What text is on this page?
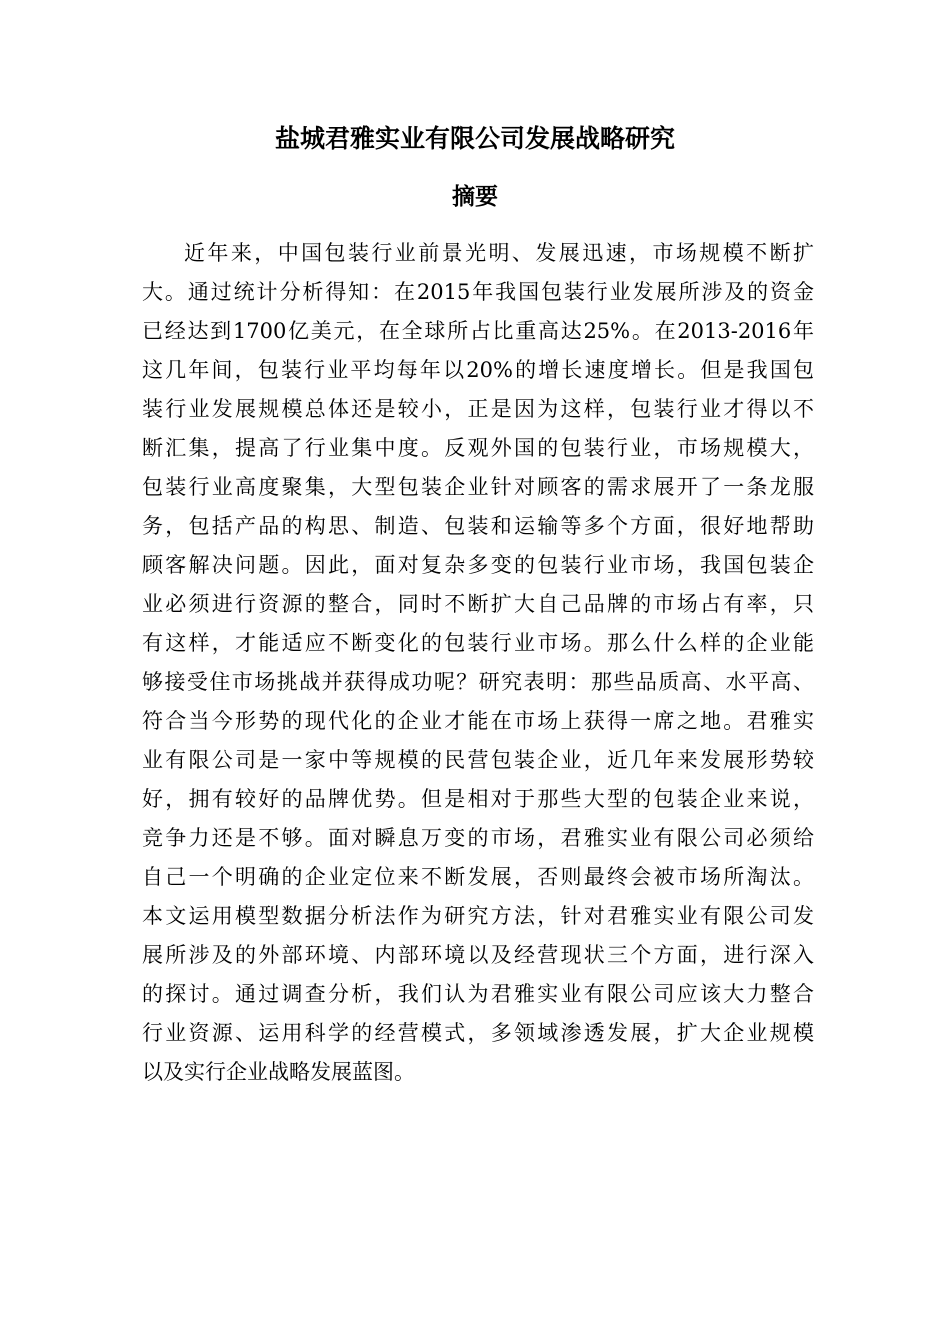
盐城君雅实业有限公司发展战略研究
摘要
近年来，中国包装行业前景光明、发展迅速，市场规模不断扩
大。通过统计分析得知：在2015年我国包装行业发展所涉及的资金
已经达到1700亿美元，在全球所占比重高达25%。在2013-2016年
这几年间，包装行业平均每年以20%的增长速度增长。但是我国包
装行业发展规模总体还是较小，正是因为这样，包装行业才得以不
断汇集，提高了行业集中度。反观外国的包装行业，市场规模大，
包装行业高度聚集，大型包装企业针对顾客的需求展开了一条龙服
务，包括产品的构思、制造、包装和运输等多个方面，很好地帮助
顾客解决问题。因此，面对复杂多变的包装行业市场，我国包装企
业必须进行资源的整合，同时不断扩大自己品牌的市场占有率，只
有这样，才能适应不断变化的包装行业市场。那么什么样的企业能
够接受住市场挑战并获得成功呢？研究表明：那些品质高、水平高、
符合当今形势的现代化的企业才能在市场上获得一席之地。君雅实
业有限公司是一家中等规模的民营包装企业，近几年来发展形势较
好，拥有较好的品牌优势。但是相对于那些大型的包装企业来说，
竞争力还是不够。面对瞬息万变的市场，君雅实业有限公司必须给
自己一个明确的企业定位来不断发展，否则最终会被市场所淘汰。
本文运用模型数据分析法作为研究方法，针对君雅实业有限公司发
展所涉及的外部环境、内部环境以及经营现状三个方面，进行深入
的探讨。通过调查分析，我们认为君雅实业有限公司应该大力整合
行业资源、运用科学的经营模式，多领域渗透发展，扩大企业规模
以及实行企业战略发展蓝图。
